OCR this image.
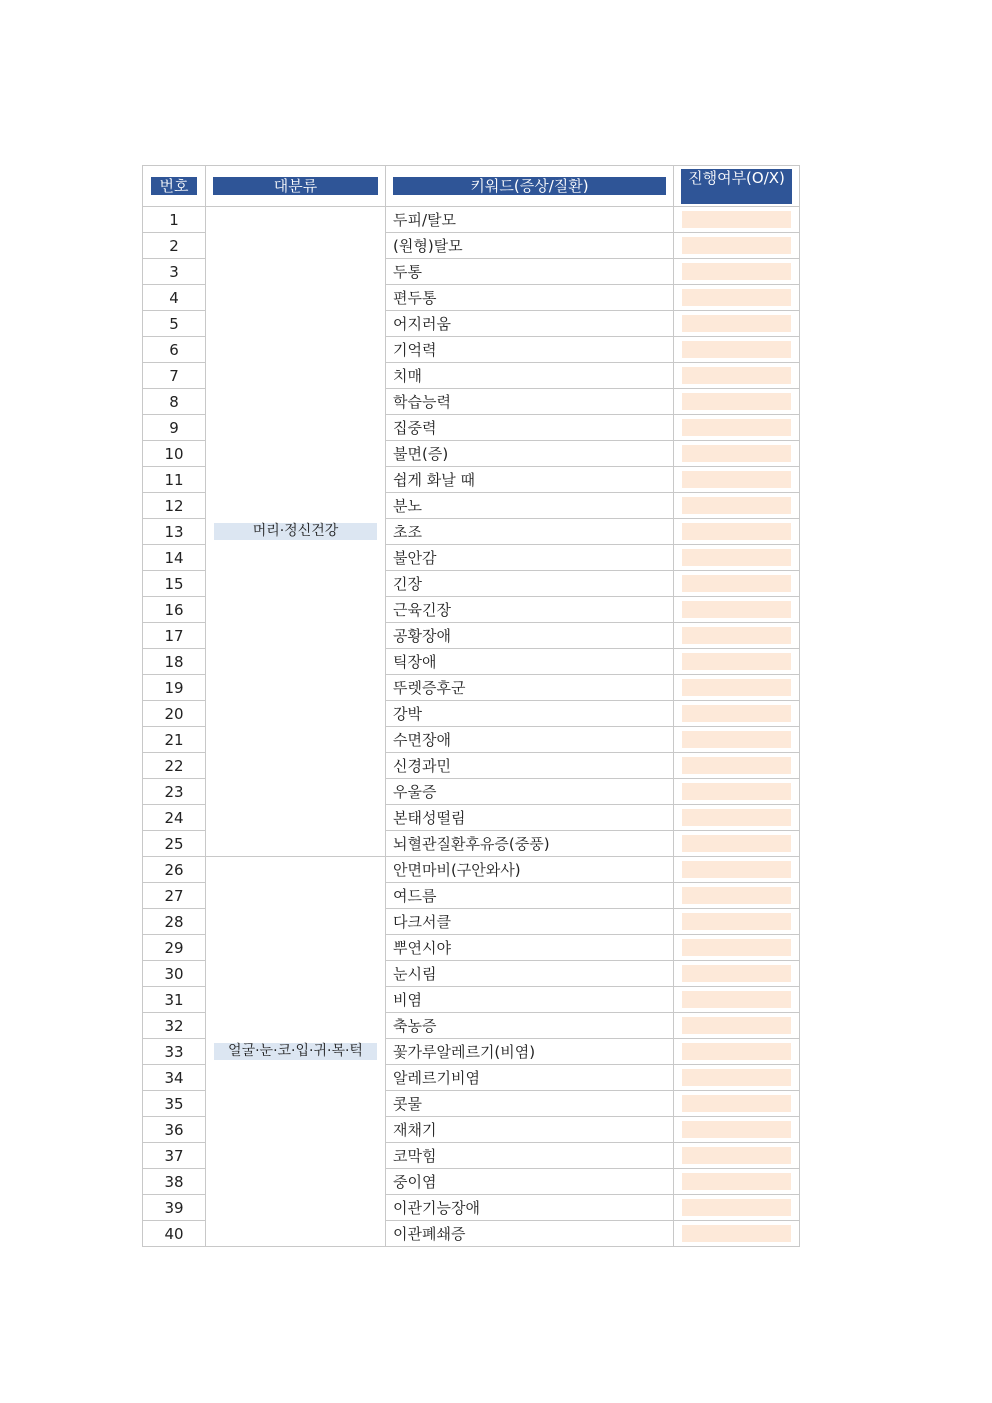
번호	대분류	키워드(증상/질환)	진행여부(O/X)

1	머리·정신건강	두피/탈모	

2		(원형)탈모	

3		두통	

4		편두통	

5		어지러움	

6		기억력	

7		치매	

8		학습능력	

9		집중력	

10		불면(증)	

11		쉽게 화날 때	

12		분노	

13		초조	

14		불안감	

15		긴장	

16		근육긴장	

17		공황장애	

18		틱장애	

19		뚜렛증후군	

20		강박	

21		수면장애	

22		신경과민	

23		우울증	

24		본태성떨림	

25		뇌혈관질환후유증(중풍)	

26	얼굴·눈·코·입·귀·목·턱	안면마비(구안와사)	

27		여드름	

28		다크서클	

29		뿌연시야	

30		눈시림	

31		비염	

32		축농증	

33		꽃가루알레르기(비염)	

34		알레르기비염	

35		콧물	

36		재채기	

37		코막힘	

38		중이염	

39		이관기능장애	

40		이관폐쇄증	
